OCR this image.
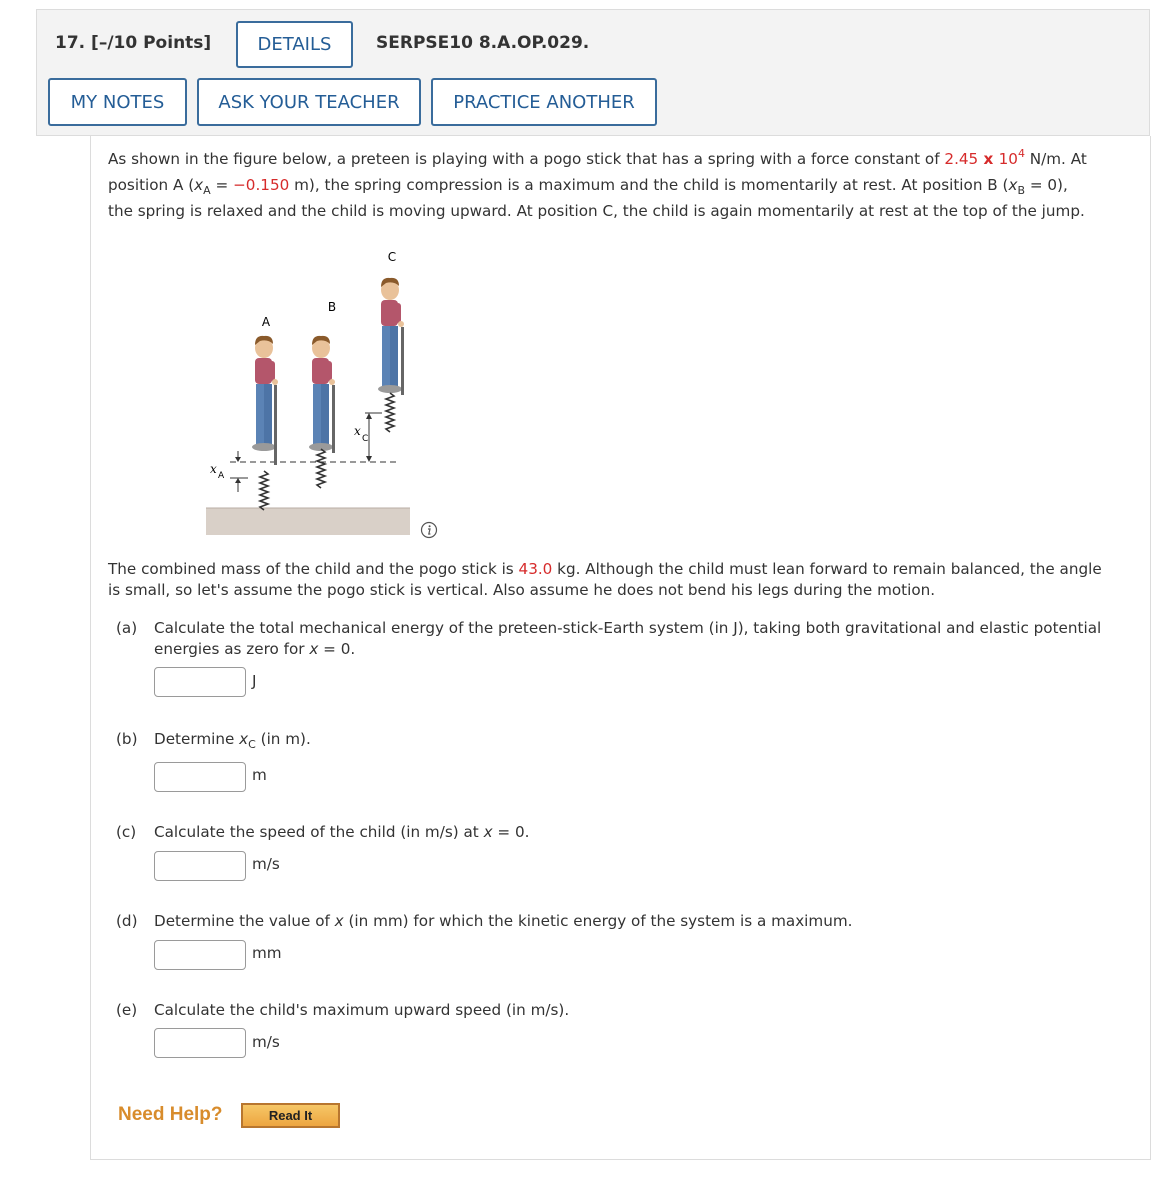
17. [–/10 Points]	DETAILS	SERPSE10 8.A.OP.029.
MY NOTES	ASK YOUR TEACHER	PRACTICE ANOTHER
As shown in the figure below, a preteen is playing with a pogo stick that has a spring with a force constant of 2.45 x $10^4$ N/m. At
position A ($x_A = -0.150$ m), the spring compression is a maximum and the child is momentarily at rest. At position B $(x_B = 0)$,
the spring is relaxed and the child is moving upward. At position C, the child is again momentarily at rest at the top of the jump.
A
B
C
x A
x
C
The combined mass of the child and the pogo stick is 43.0 kg. Although the child must lean forward to remain balanced, the angle
is small, so let's assume the pogo stick is vertical. Also assume he does not bend his legs during the motion.
(a) Calculate the total mechanical energy of the preteen-stick-Earth system (in J), taking both gravitational and elastic potential
energies as zero for x = 0.
J
(b) Determine $x_C$ (in m).
m
(c) Calculate the speed of the child (in m/s) at x = 0.
m/s
(d) Determine the value of x (in mm) for which the kinetic energy of the system is a maximum.
mm
(e) Calculate the child's maximum upward speed (in m/s).
m/s
Need Help?	Read It
